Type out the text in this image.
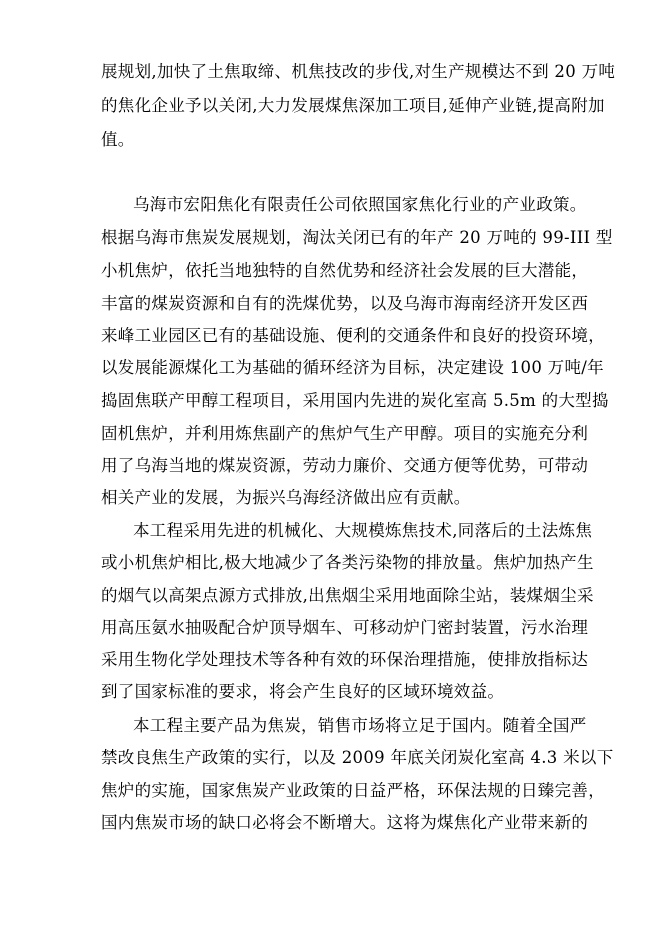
展规划,加快了土焦取缔、机焦技改的步伐,对生产规模达不到 20 万吨
的焦化企业予以关闭,大力发展煤焦深加工项目,延伸产业链,提高附加
值。
乌海市宏阳焦化有限责任公司依照国家焦化行业的产业政策。
根据乌海市焦炭发展规划，淘汰关闭已有的年产 20 万吨的 99-III 型
小机焦炉，依托当地独特的自然优势和经济社会发展的巨大潜能，
丰富的煤炭资源和自有的洗煤优势，以及乌海市海南经济开发区西
来峰工业园区已有的基础设施、便利的交通条件和良好的投资环境，
以发展能源煤化工为基础的循环经济为目标，决定建设 100 万吨/年
捣固焦联产甲醇工程项目，采用国内先进的炭化室高 5.5m 的大型捣
固机焦炉，并利用炼焦副产的焦炉气生产甲醇。项目的实施充分利
用了乌海当地的煤炭资源，劳动力廉价、交通方便等优势，可带动
相关产业的发展，为振兴乌海经济做出应有贡献。
本工程采用先进的机械化、大规模炼焦技术,同落后的土法炼焦
或小机焦炉相比,极大地减少了各类污染物的排放量。焦炉加热产生
的烟气以高架点源方式排放,出焦烟尘采用地面除尘站，装煤烟尘采
用高压氨水抽吸配合炉顶导烟车、可移动炉门密封装置，污水治理
采用生物化学处理技术等各种有效的环保治理措施，使排放指标达
到了国家标准的要求，将会产生良好的区域环境效益。
本工程主要产品为焦炭，销售市场将立足于国内。随着全国严
禁改良焦生产政策的实行，以及 2009 年底关闭炭化室高 4.3 米以下
焦炉的实施，国家焦炭产业政策的日益严格，环保法规的日臻完善，
国内焦炭市场的缺口必将会不断增大。这将为煤焦化产业带来新的
